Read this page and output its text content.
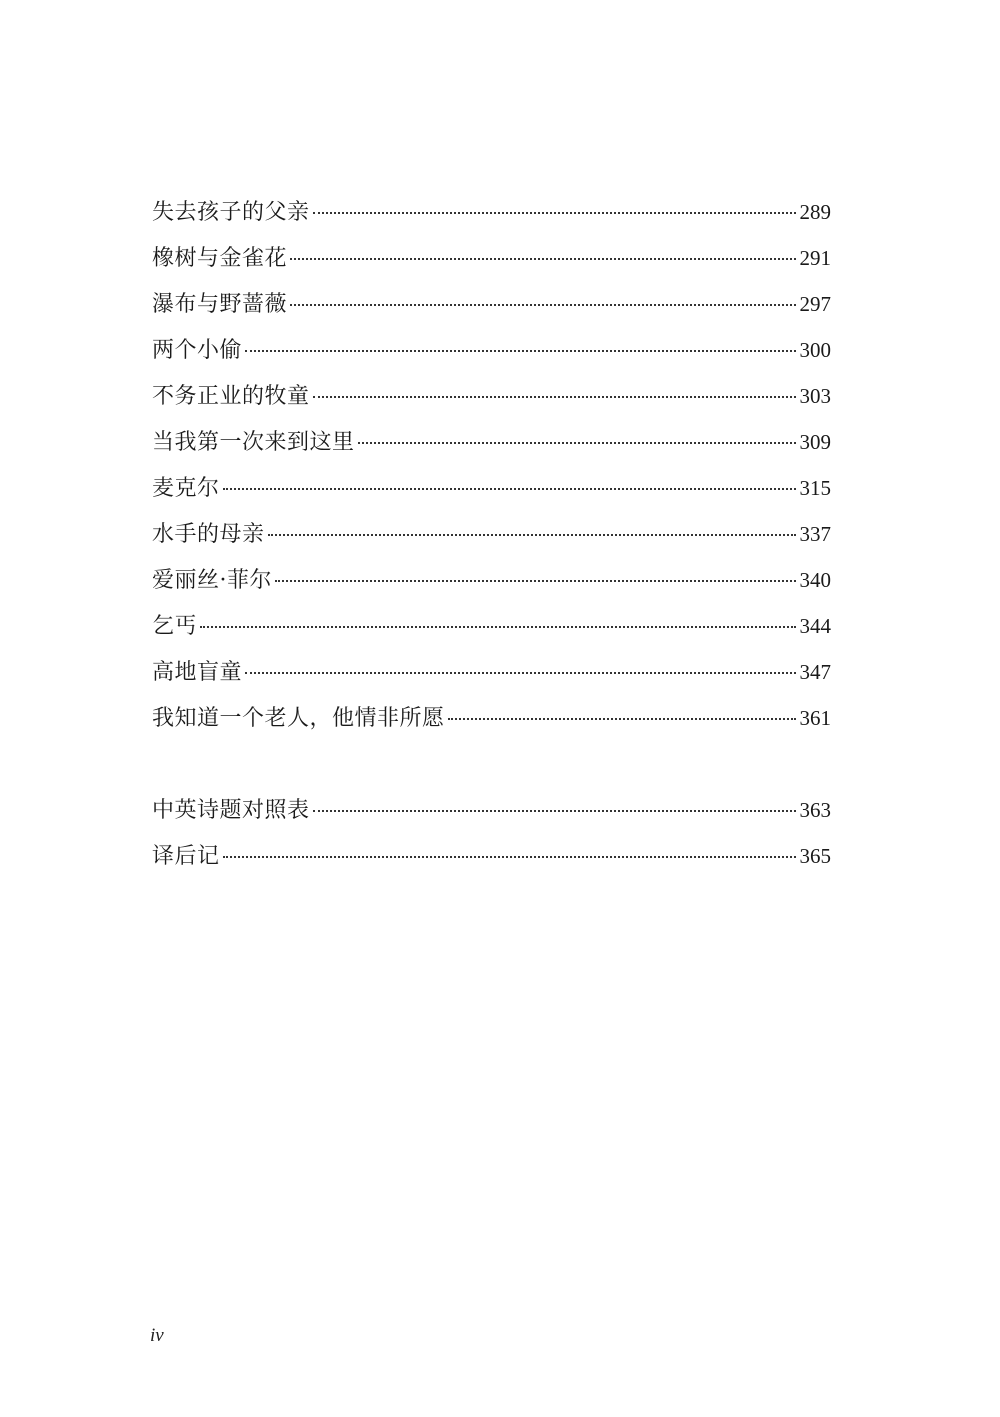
失去孩子的父亲	289
橡树与金雀花	291
瀑布与野蔷薇	297
两个小偷	300
不务正业的牧童	303
当我第一次来到这里	309
麦克尔	315
水手的母亲	337
爱丽丝·菲尔	340
乞丐	344
高地盲童	347
我知道一个老人，他情非所愿	361
中英诗题对照表	363
译后记	365
iv
